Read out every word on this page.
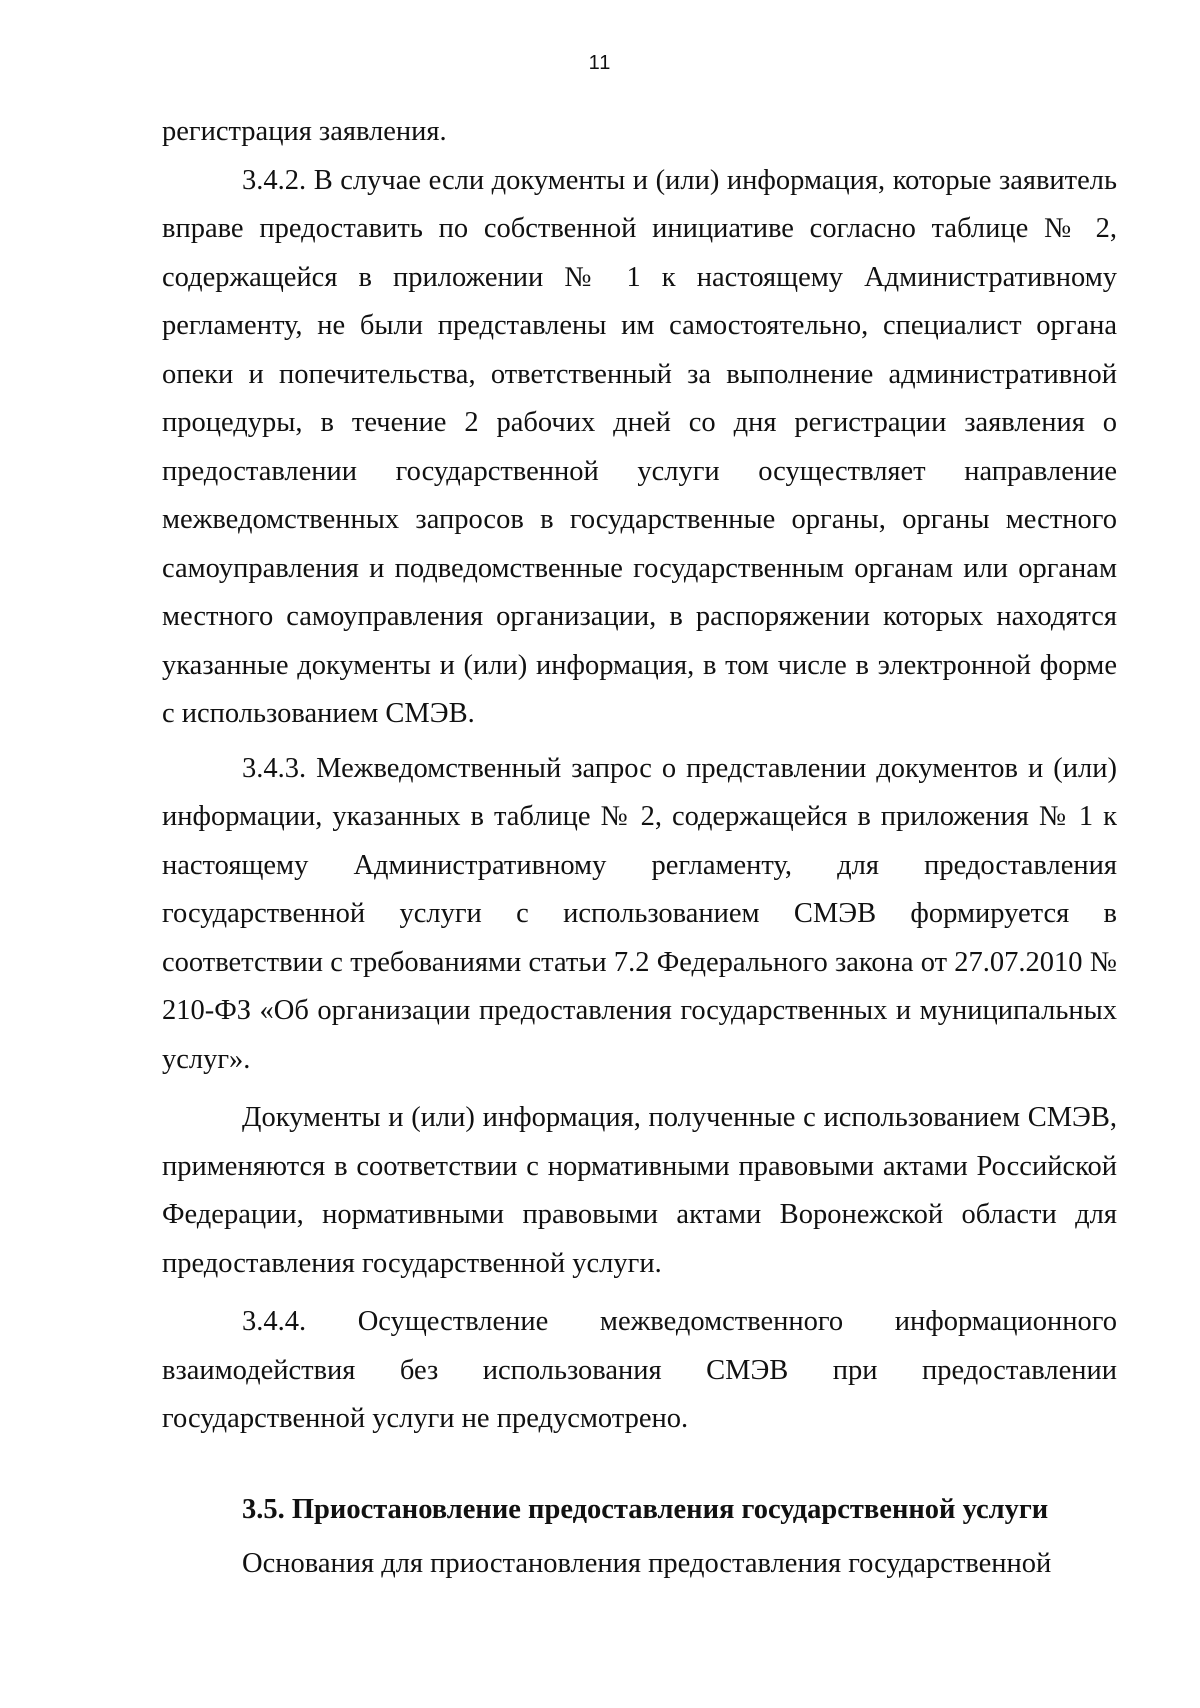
11

регистрация заявления.

3.4.2. В случае если документы и (или) информация, которые заявитель вправе предоставить по собственной инициативе согласно таблице № 2, содержащейся в приложении № 1 к настоящему Административному регламенту, не были представлены им самостоятельно, специалист органа опеки и попечительства, ответственный за выполнение административной процедуры, в течение 2 рабочих дней со дня регистрации заявления о предоставлении государственной услуги осуществляет направление межведомственных запросов в государственные органы, органы местного самоуправления и подведомственные государственным органам или органам местного самоуправления организации, в распоряжении которых находятся указанные документы и (или) информация, в том числе в электронной форме с использованием СМЭВ.

3.4.3. Межведомственный запрос о представлении документов и (или) информации, указанных в таблице № 2, содержащейся в приложения № 1 к настоящему Административному регламенту, для предоставления государственной услуги с использованием СМЭВ формируется в соответствии с требованиями статьи 7.2 Федерального закона от 27.07.2010 № 210-ФЗ «Об организации предоставления государственных и муниципальных услуг».

Документы и (или) информация, полученные с использованием СМЭВ, применяются в соответствии с нормативными правовыми актами Российской Федерации, нормативными правовыми актами Воронежской области для предоставления государственной услуги.

3.4.4. Осуществление межведомственного информационного взаимодействия без использования СМЭВ при предоставлении государственной услуги не предусмотрено.

3.5. Приостановление предоставления государственной услуги

Основания для приостановления предоставления государственной
